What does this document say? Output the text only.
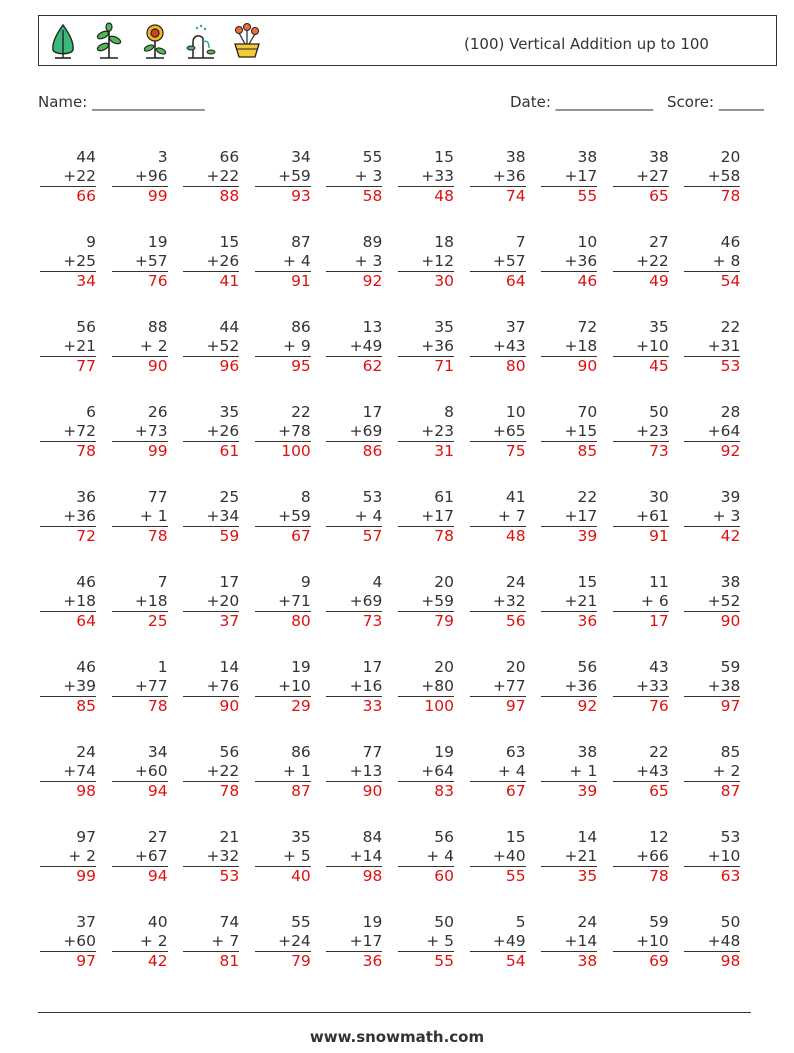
(100) Vertical Addition up to 100
Name: _______________	Date: _____________ Score: ______
44
+22
66
3
+96
99
66
+22
88
34
+59
93
55
+ 3
58
15
+33
48
38
+36
74
38
+17
55
38
+27
65
20
+58
78
9
+25
34
19
+57
76
15
+26
41
87
+ 4
91
89
+ 3
92
18
+12
30
7
+57
64
10
+36
46
27
+22
49
46
+ 8
54
56
+21
77
88
+ 2
90
44
+52
96
86
+ 9
95
13
+49
62
35
+36
71
37
+43
80
72
+18
90
35
+10
45
22
+31
53
6
+72
78
26
+73
99
35
+26
61
22
+78
100
17
+69
86
8
+23
31
10
+65
75
70
+15
85
50
+23
73
28
+64
92
36
+36
72
77
+ 1
78
25
+34
59
8
+59
67
53
+ 4
57
61
+17
78
41
+ 7
48
22
+17
39
30
+61
91
39
+ 3
42
46
+18
64
7
+18
25
17
+20
37
9
+71
80
4
+69
73
20
+59
79
24
+32
56
15
+21
36
11
+ 6
17
38
+52
90
46
+39
85
1
+77
78
14
+76
90
19
+10
29
17
+16
33
20
+80
100
20
+77
97
56
+36
92
43
+33
76
59
+38
97
24
+74
98
34
+60
94
56
+22
78
86
+ 1
87
77
+13
90
19
+64
83
63
+ 4
67
38
+ 1
39
22
+43
65
85
+ 2
87
97
+ 2
99
27
+67
94
21
+32
53
35
+ 5
40
84
+14
98
56
+ 4
60
15
+40
55
14
+21
35
12
+66
78
53
+10
63
37
+60
97
40
+ 2
42
74
+ 7
81
55
+24
79
19
+17
36
50
+ 5
55
5
+49
54
24
+14
38
59
+10
69
50
+48
98
www.snowmath.com
